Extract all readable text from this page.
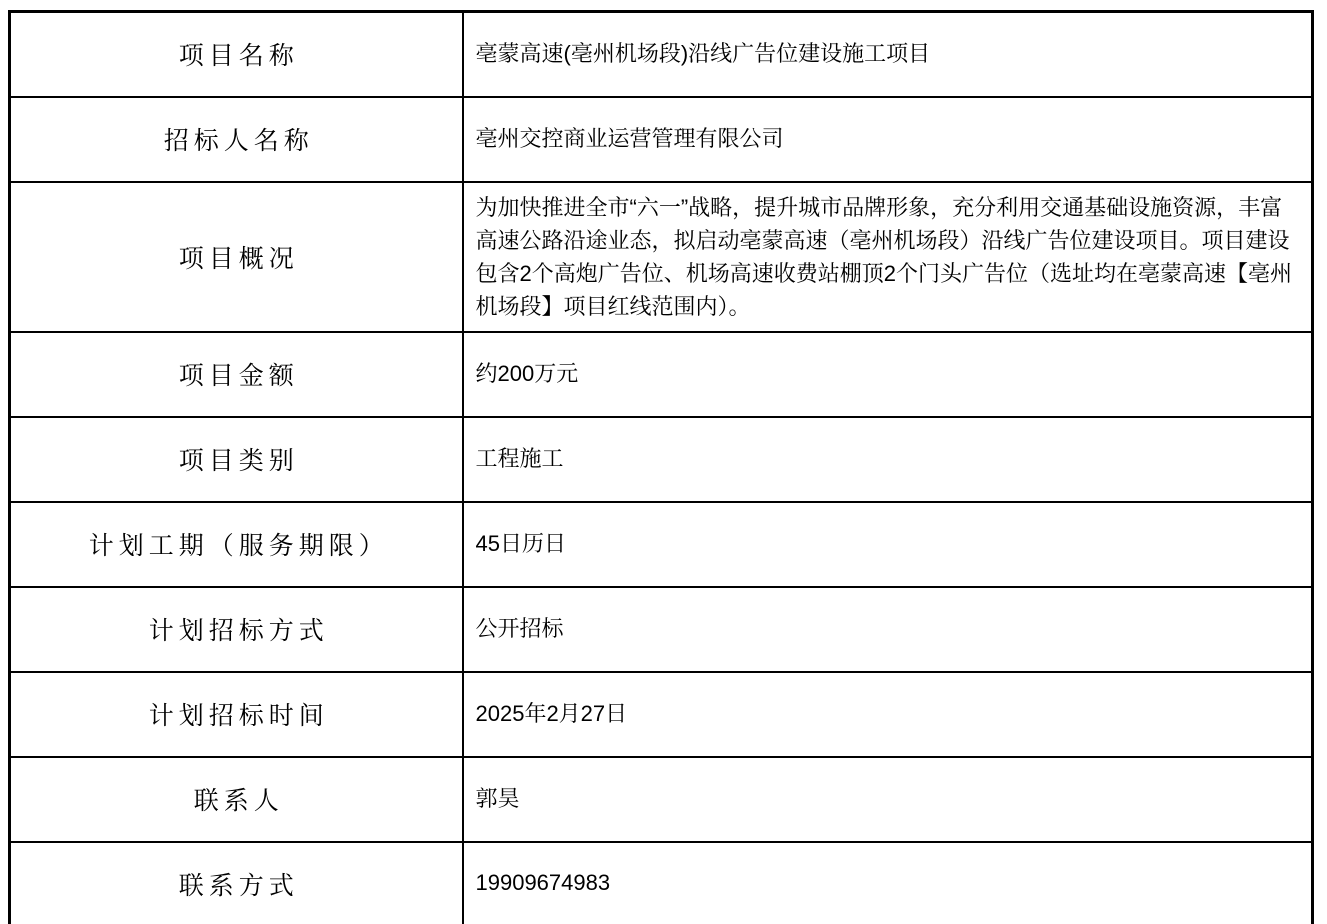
项目名称	亳蒙高速(亳州机场段)沿线广告位建设施工项目
招标人名称	亳州交控商业运营管理有限公司
项目概况	为加快推进全市“六一”战略，提升城市品牌形象，充分利用交通基础设施资源，丰富高速公路沿途业态，拟启动亳蒙高速（亳州机场段）沿线广告位建设项目。项目建设包含2个高炮广告位、机场高速收费站棚顶2个门头广告位（选址均在亳蒙高速【亳州机场段】项目红线范围内）。

项目金额	约200万元
项目类别	工程施工
计划工期（服务期限）	45日历日
计划招标方式	公开招标
计划招标时间	2025年2月27日
联系人	郭昊
联系方式	19909674983
